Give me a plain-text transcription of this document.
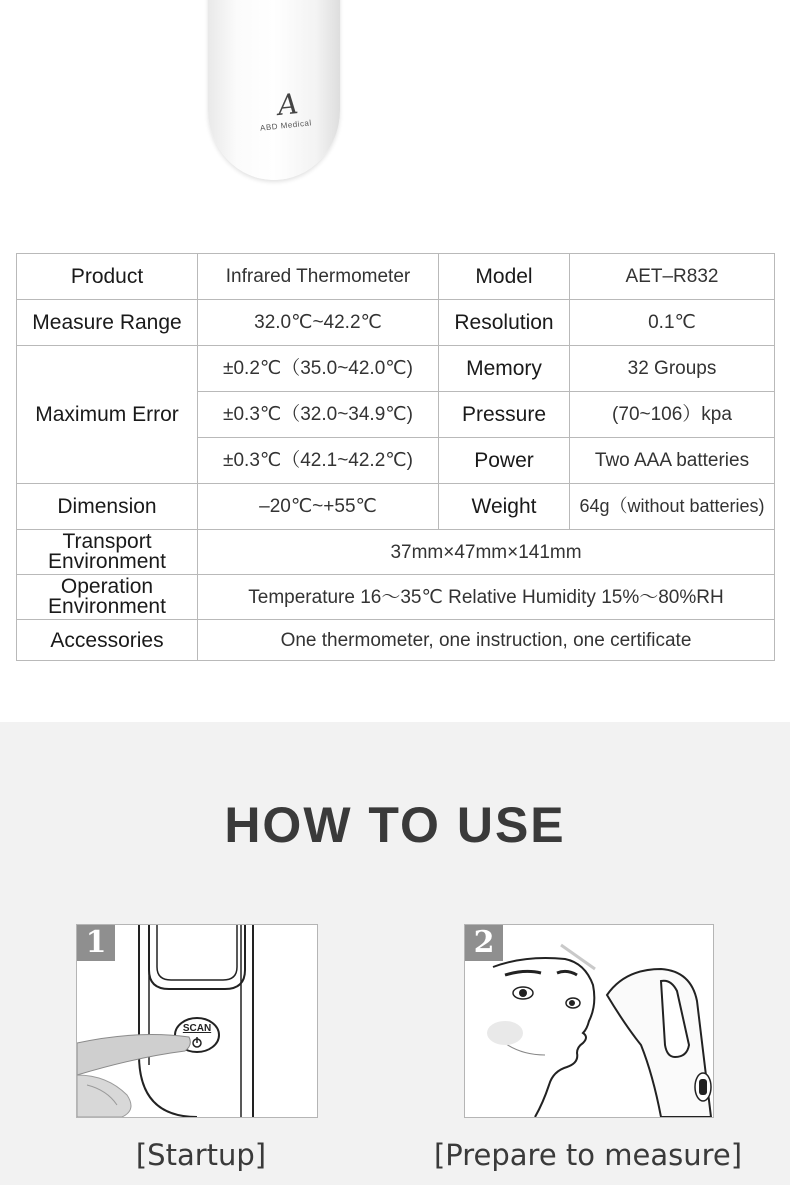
A
ABD Medical
Product	Infrared Thermometer	Model	AET–R832
Measure Range	32.0℃~42.2℃	Resolution	0.1℃
Maximum Error	±0.2℃（35.0~42.0℃)	Memory	32 Groups
	±0.3℃（32.0~34.9℃)	Pressure	(70~106）kpa
	±0.3℃（42.1~42.2℃)	Power	Two AAA batteries
Dimension	–20℃~+55℃	Weight	64g（without batteries)
Transport Environment	37mm×47mm×141mm		
Operation Environment	Temperature 16～35℃ Relative Humidity 15%～80%RH		
Accessories	One thermometer, one instruction, one certificate		
HOW TO USE
1
SCAN
2
[Startup]	[Prepare to measure]
